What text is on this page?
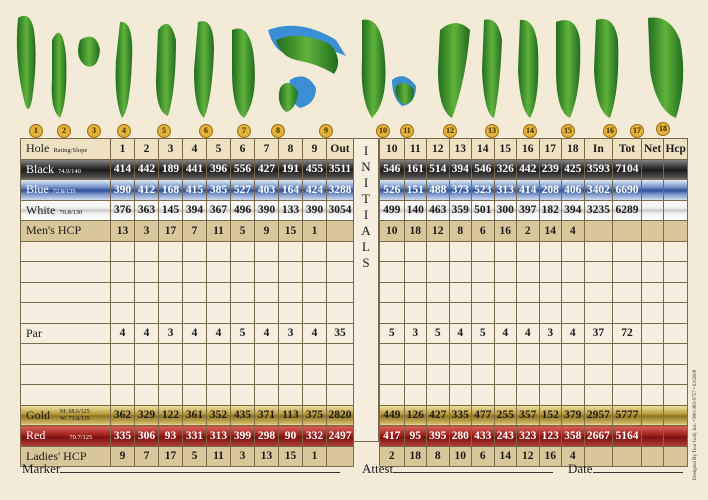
1	2	3	4	5	6	7	8	9	10	11	12	13	14	15	16	17	18
Hole Rating/Slope	1	2	3	4	5	6	7	8	9	Out
Black 74.9/140	414	442	189	441	396	556	427	191	455	3511
Blue 72.8/135	390	412	168	415	385	527	403	164	424	3288
White 70.8/130	376	363	145	394	367	496	390	133	390	3054
Men's HCP	13	3	17	7	11	5	9	15	1	

Par	4	4	3	4	4	5	4	3	4	35

Gold M: 68.6/125
W: 73.8/135	362	329	122	361	352	435	371	113	375	2820
Red 70.7/125	335	306	93	331	313	399	298	90	332	2497
Ladies' HCP	9	7	17	5	11	3	13	15	1	
I
N
I
T
I
A
L
S
10	11	12	13	14	15	16	17	18	In	Tot	Net	Hcp
546	161	514	394	546	326	442	239	425	3593	7104		
526	151	488	373	523	313	414	208	406	3402	6690		
499	140	463	359	501	300	397	182	394	3235	6289		
10	18	12	8	6	16	2	14	4				

5	3	5	4	5	4	4	3	4	37	72		

449	126	427	335	477	255	357	152	379	2957	5777		
417	95	395	280	433	243	323	123	358	2667	5164		
2	18	8	10	6	14	12	16	4				
Marker	Attest	Date	Designed By Tour Golf, Inc. • 800-383-9757 • 03/2008
